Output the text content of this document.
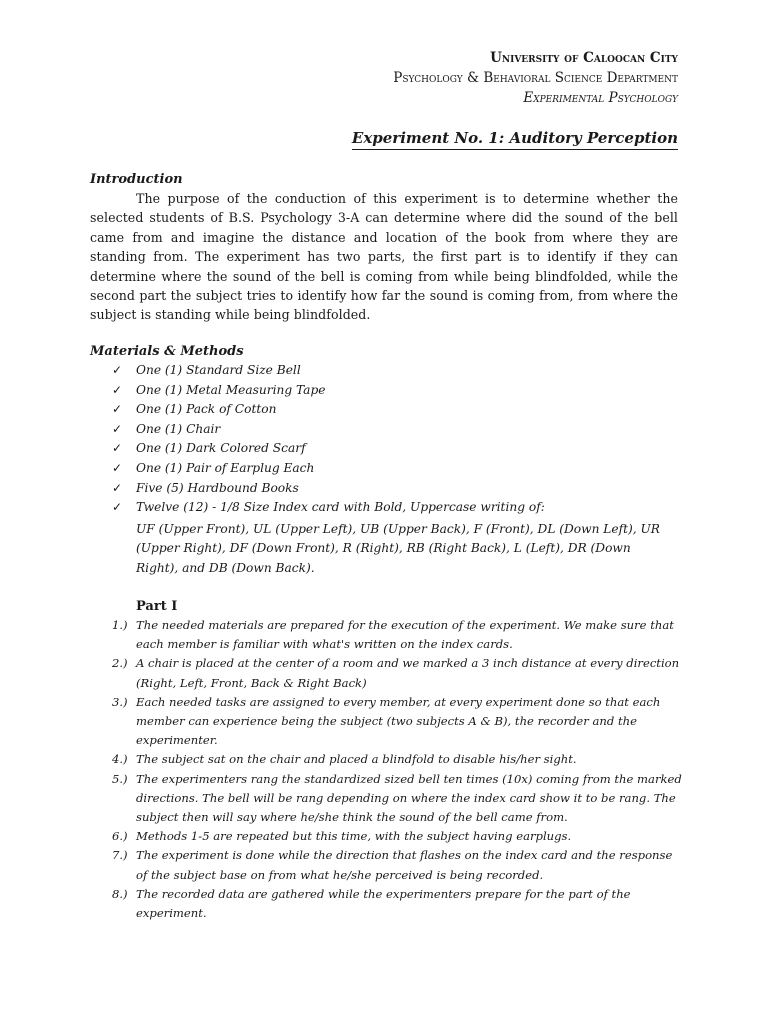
University of Caloocan City
Psychology & Behavioral Science Department
Experimental Psychology
Experiment No. 1: Auditory Perception
Introduction
The purpose of the conduction of this experiment is to determine whether the selected students of B.S. Psychology 3-A can determine where did the sound of the bell came from and imagine the distance and location of the book from where they are standing from. The experiment has two parts, the first part is to identify if they can determine where the sound of the bell is coming from while being blindfolded, while the second part the subject tries to identify how far the sound is coming from, from where the subject is standing while being blindfolded.
Materials & Methods
✓ One (1) Standard Size Bell
✓ One (1) Metal Measuring Tape
✓ One (1) Pack of Cotton
✓ One (1) Chair
✓ One (1) Dark Colored Scarf
✓ One (1) Pair of Earplug Each
✓ Five (5) Hardbound Books
✓ Twelve (12) - 1/8 Size Index card with Bold, Uppercase writing of:
UF (Upper Front), UL (Upper Left), UB (Upper Back), F (Front), DL (Down Left), UR (Upper Right), DF (Down Front), R (Right), RB (Right Back), L (Left), DR (Down Right), and DB (Down Back).
Part I
1.) The needed materials are prepared for the execution of the experiment. We make sure that each member is familiar with what's written on the index cards.
2.) A chair is placed at the center of a room and we marked a 3 inch distance at every direction (Right, Left, Front, Back & Right Back)
3.) Each needed tasks are assigned to every member, at every experiment done so that each member can experience being the subject (two subjects A & B), the recorder and the experimenter.
4.) The subject sat on the chair and placed a blindfold to disable his/her sight.
5.) The experimenters rang the standardized sized bell ten times (10x) coming from the marked directions. The bell will be rang depending on where the index card show it to be rang. The subject then will say where he/she think the sound of the bell came from.
6.) Methods 1-5 are repeated but this time, with the subject having earplugs.
7.) The experiment is done while the direction that flashes on the index card and the response of the subject base on from what he/she perceived is being recorded.
8.) The recorded data are gathered while the experimenters prepare for the part of the experiment.
